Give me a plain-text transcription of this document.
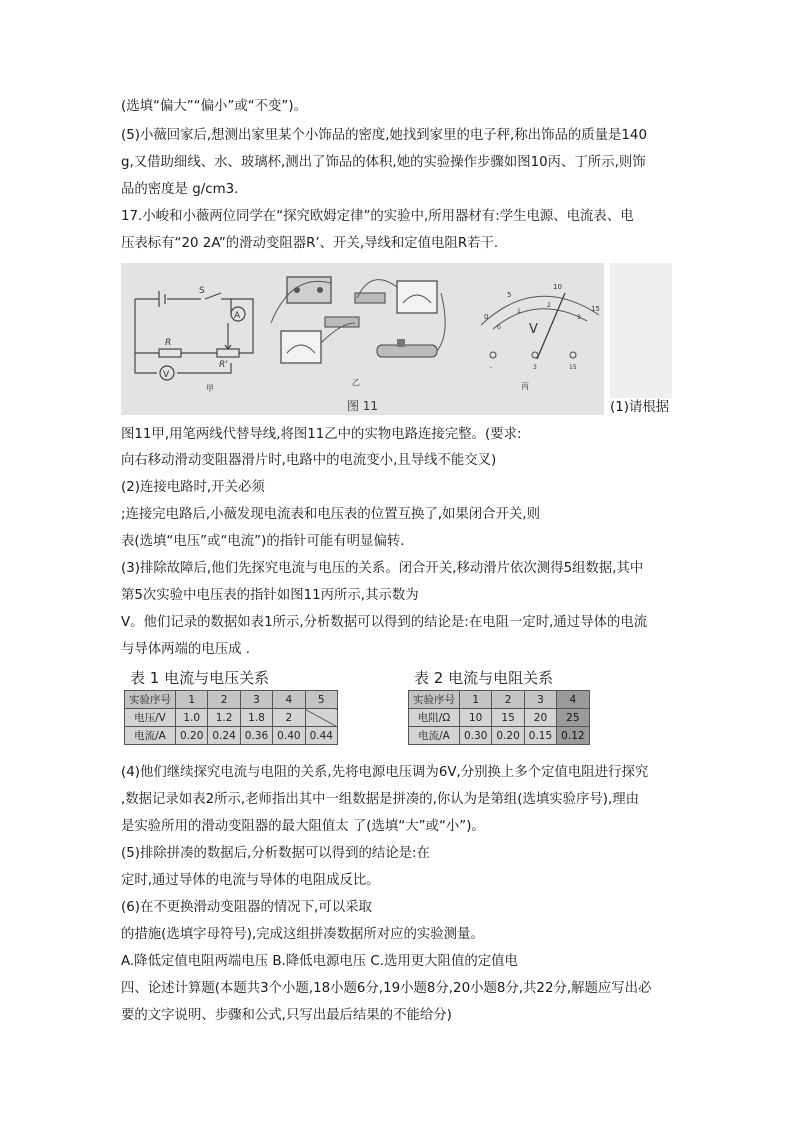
(选填“偏大”“偏小”或“不变”)。
(5)小薇回家后,想测出家里某个小饰品的密度,她找到家里的电子秤,称出饰品的质量是140
g,又借助细线、水、玻璃杯,测出了饰品的体积,她的实验操作步骤如图10丙、丁所示,则饰
品的密度是 g/cm3.
17.小峻和小薇两位同学在“探究欧姆定律”的实验中,所用器材有:学生电源、电流表、电
压表标有“20 2A”的滑动变阻器R’、开关,导线和定值电阻R若干.
A
V
S
R
R'
甲
乙
0
5
10
15
0
1
2
3
V
-	3	15
丙
图 11	(1)请根据
图11甲,用笔两线代替导线,将图11乙中的实物电路连接完整。(要求:
向右移动滑动变阻器滑片时,电路中的电流变小,且导线不能交叉)
(2)连接电路时,开关必须
;连接完电路后,小薇发现电流表和电压表的位置互换了,如果闭合开关,则
表(选填“电压”或“电流”)的指针可能有明显偏转.
(3)排除故障后,他们先探究电流与电压的关系。闭合开关,移动滑片依次测得5组数据,其中
第5次实验中电压表的指针如图11丙所示,其示数为
V。他们记录的数据如表1所示,分析数据可以得到的结论是:在电阻一定时,通过导体的电流
与导体两端的电压成 .
表 1 电流与电压关系
实验序号	1	2	3	4	5
电压/V	1.0	1.2	1.8	2	
电流/A	0.20	0.24	0.36	0.40	0.44
表 2 电流与电阻关系
实验序号	1	2	3	4
电阻/Ω	10	15	20	25
电流/A	0.30	0.20	0.15	0.12
(4)他们继续探究电流与电阻的关系,先将电源电压调为6V,分别换上多个定值电阻进行探究
,数据记录如表2所示,老师指出其中一组数据是拼凑的,你认为是第组(选填实验序号),理由
是实验所用的滑动变阻器的最大阻值太 了(选填“大”或“小”)。
(5)排除拼凑的数据后,分析数据可以得到的结论是:在
定时,通过导体的电流与导体的电阻成反比。
(6)在不更换滑动变阻器的情况下,可以采取
的措施(选填字母符号),完成这组拼凑数据所对应的实验测量。
A.降低定值电阻两端电压 B.降低电源电压 C.选用更大阻值的定值电
四、论述计算题(本题共3个小题,18小题6分,19小题8分,20小题8分,共22分,解题应写出必
要的文字说明、步骤和公式,只写出最后结果的不能给分)
